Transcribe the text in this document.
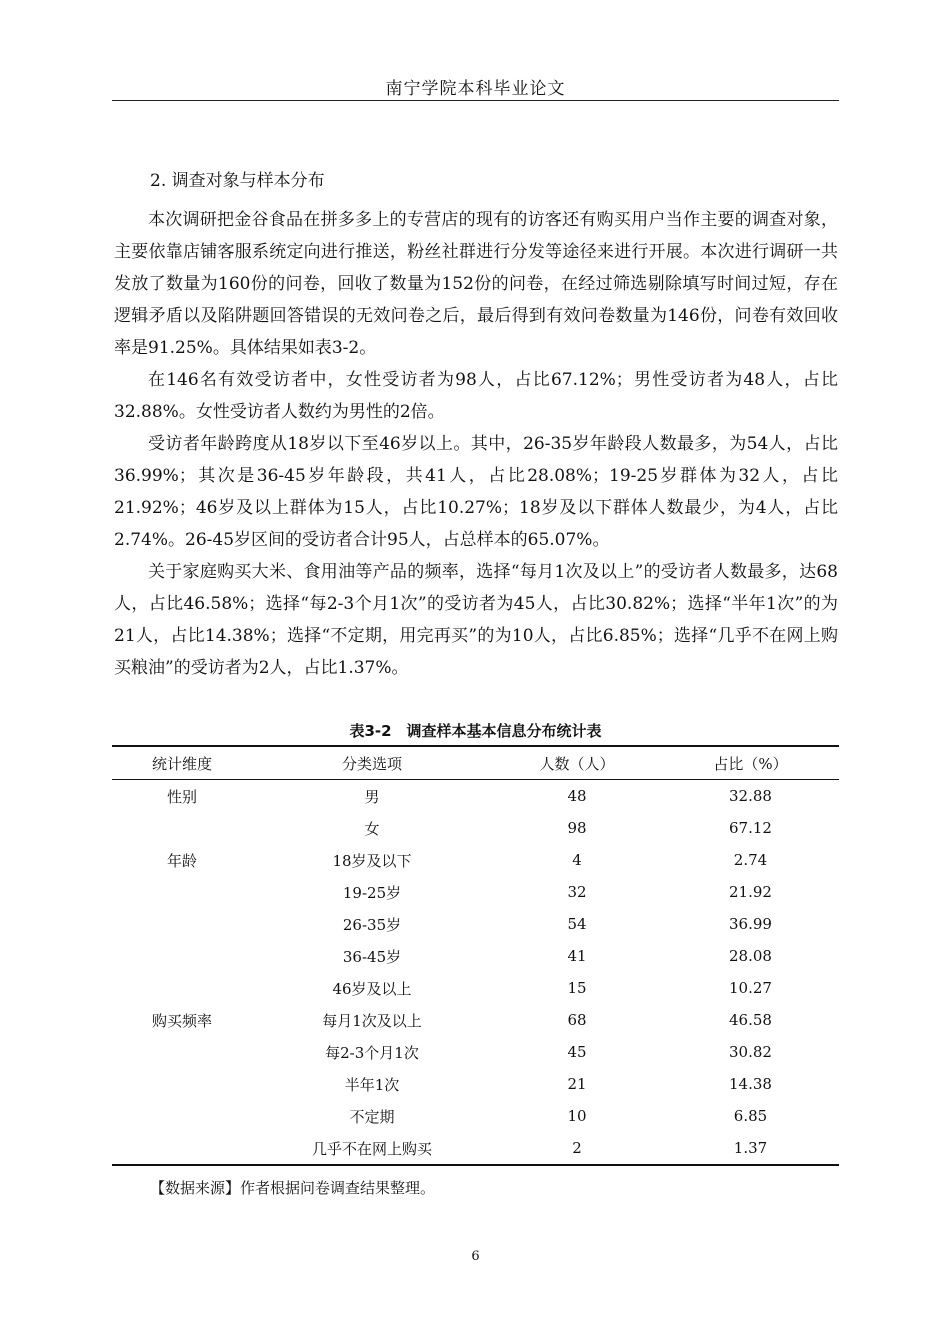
南宁学院本科毕业论文
2. 调查对象与样本分布

本次调研把金谷食品在拼多多上的专营店的现有的访客还有购买用户当作主要的调查对象，主要依靠店铺客服系统定向进行推送，粉丝社群进行分发等途径来进行开展。本次进行调研一共发放了数量为160份的问卷，回收了数量为152份的问卷，在经过筛选剔除填写时间过短，存在逻辑矛盾以及陷阱题回答错误的无效问卷之后，最后得到有效问卷数量为146份，问卷有效回收率是91.25%。具体结果如表3-2。

在146名有效受访者中，女性受访者为98人，占比67.12%；男性受访者为48人，占比32.88%。女性受访者人数约为男性的2倍。

受访者年龄跨度从18岁以下至46岁以上。其中，26-35岁年龄段人数最多，为54人，占比36.99%；其次是36-45岁年龄段，共41人，占比28.08%；19-25岁群体为32人，占比21.92%；46岁及以上群体为15人，占比10.27%；18岁及以下群体人数最少，为4人，占比2.74%。26-45岁区间的受访者合计95人，占总样本的65.07%。

关于家庭购买大米、食用油等产品的频率，选择“每月1次及以上”的受访者人数最多，达68人，占比46.58%；选择“每2-3个月1次”的受访者为45人，占比30.82%；选择“半年1次”的为21人，占比14.38%；选择“不定期，用完再买”的为10人，占比6.85%；选择“几乎不在网上购买粮油”的受访者为2人，占比1.37%。

表3-2　调查样本基本信息分布统计表
统计维度	分类选项	人数（人）	占比（%）
性别	男	48	32.88
	女	98	67.12
年龄	18岁及以下	4	2.74
	19-25岁	32	21.92
	26-35岁	54	36.99
	36-45岁	41	28.08
	46岁及以上	15	10.27
购买频率	每月1次及以上	68	46.58
	每2-3个月1次	45	30.82
	半年1次	21	14.38
	不定期	10	6.85
	几乎不在网上购买	2	1.37
【数据来源】作者根据问卷调查结果整理。
6
